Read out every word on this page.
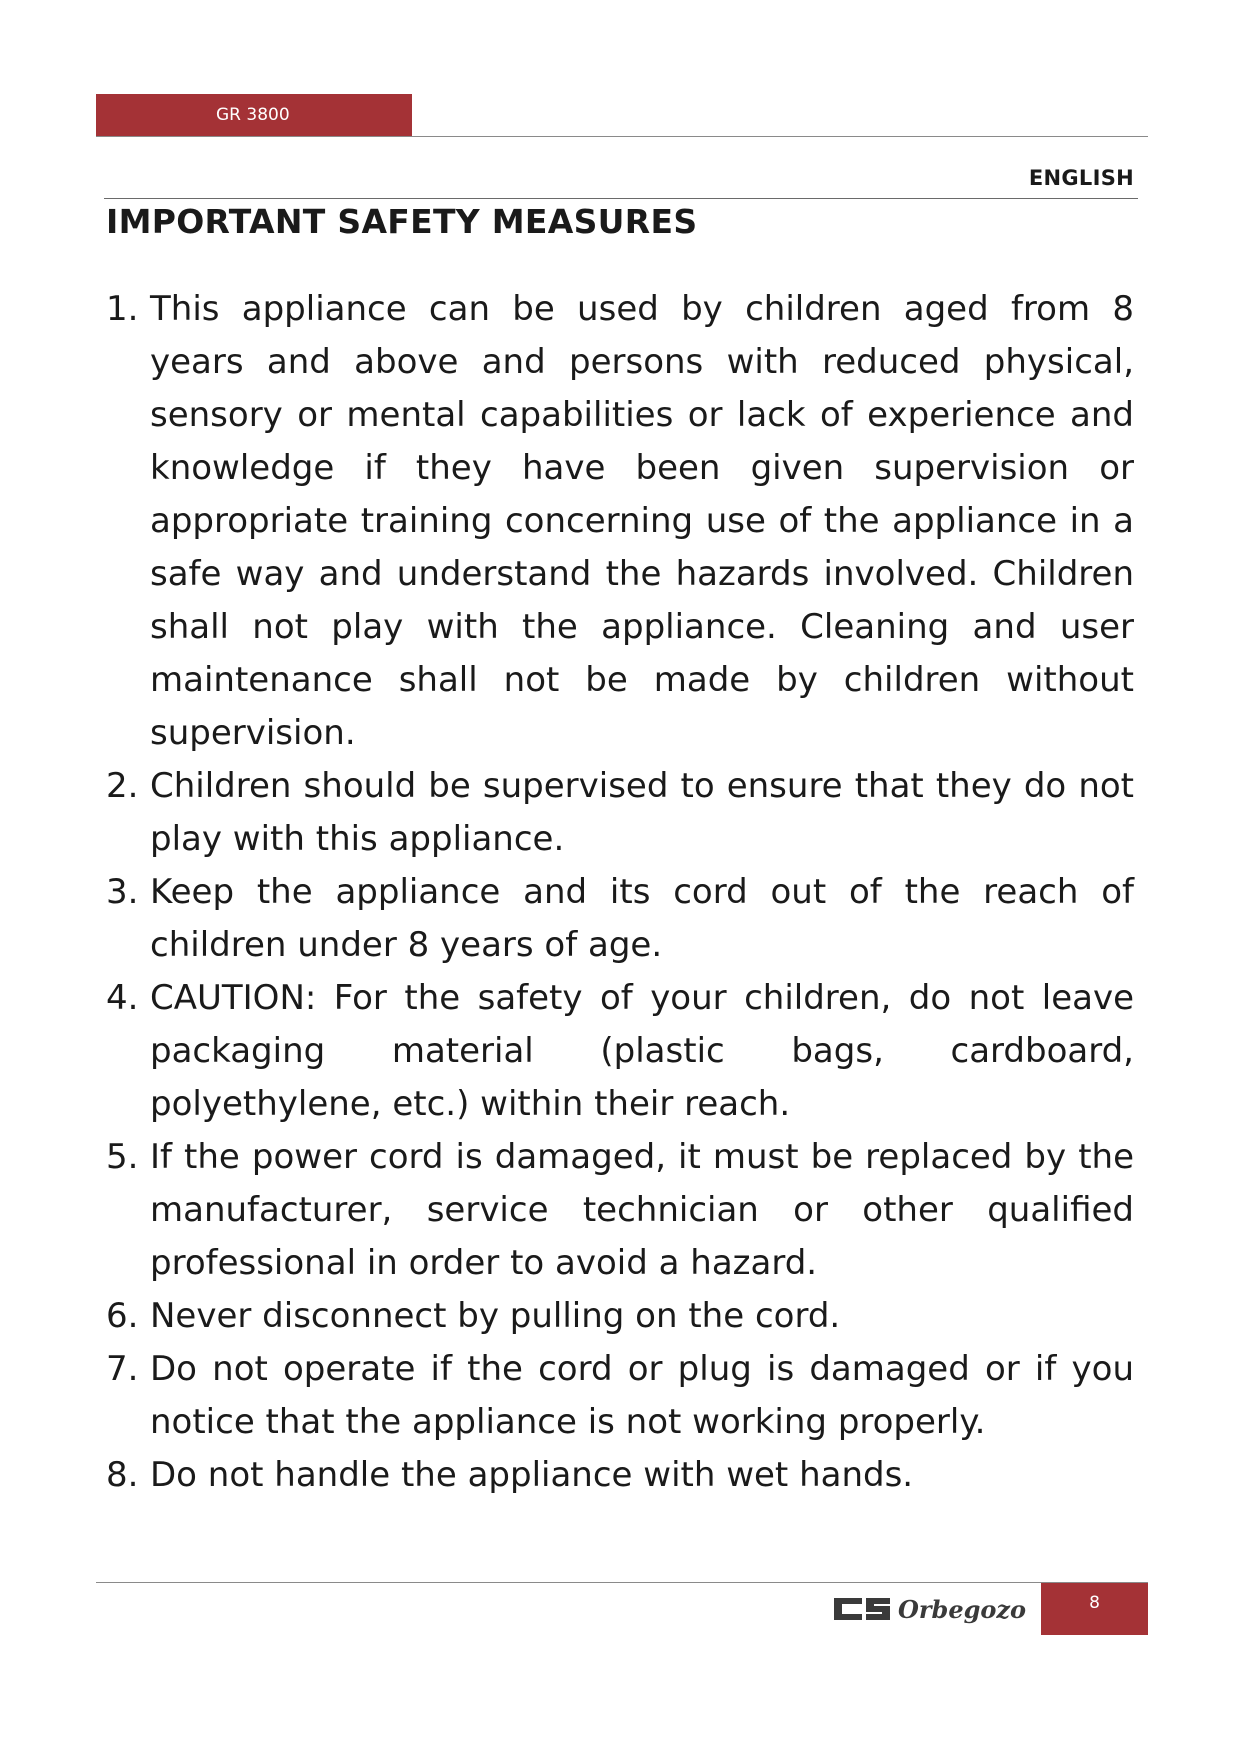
GR 3800
ENGLISH
IMPORTANT SAFETY MEASURES
1. This appliance can be used by children aged from 8 years and above and persons with reduced physical, sensory or mental capabilities or lack of experience and knowledge if they have been given supervision or appropriate training concerning use of the appliance in a safe way and understand the hazards involved. Children shall not play with the appliance. Cleaning and user maintenance shall not be made by children without supervision.
2. Children should be supervised to ensure that they do not play with this appliance.
3. Keep the appliance and its cord out of the reach of children under 8 years of age.
4. CAUTION: For the safety of your children, do not leave packaging material (plastic bags, cardboard, polyethylene, etc.) within their reach.
5. If the power cord is damaged, it must be replaced by the manufacturer, service technician or other qualified professional in order to avoid a hazard.
6. Never disconnect by pulling on the cord.
7. Do not operate if the cord or plug is damaged or if you notice that the appliance is not working properly.
8. Do not handle the appliance with wet hands.
Orbegozo	8
